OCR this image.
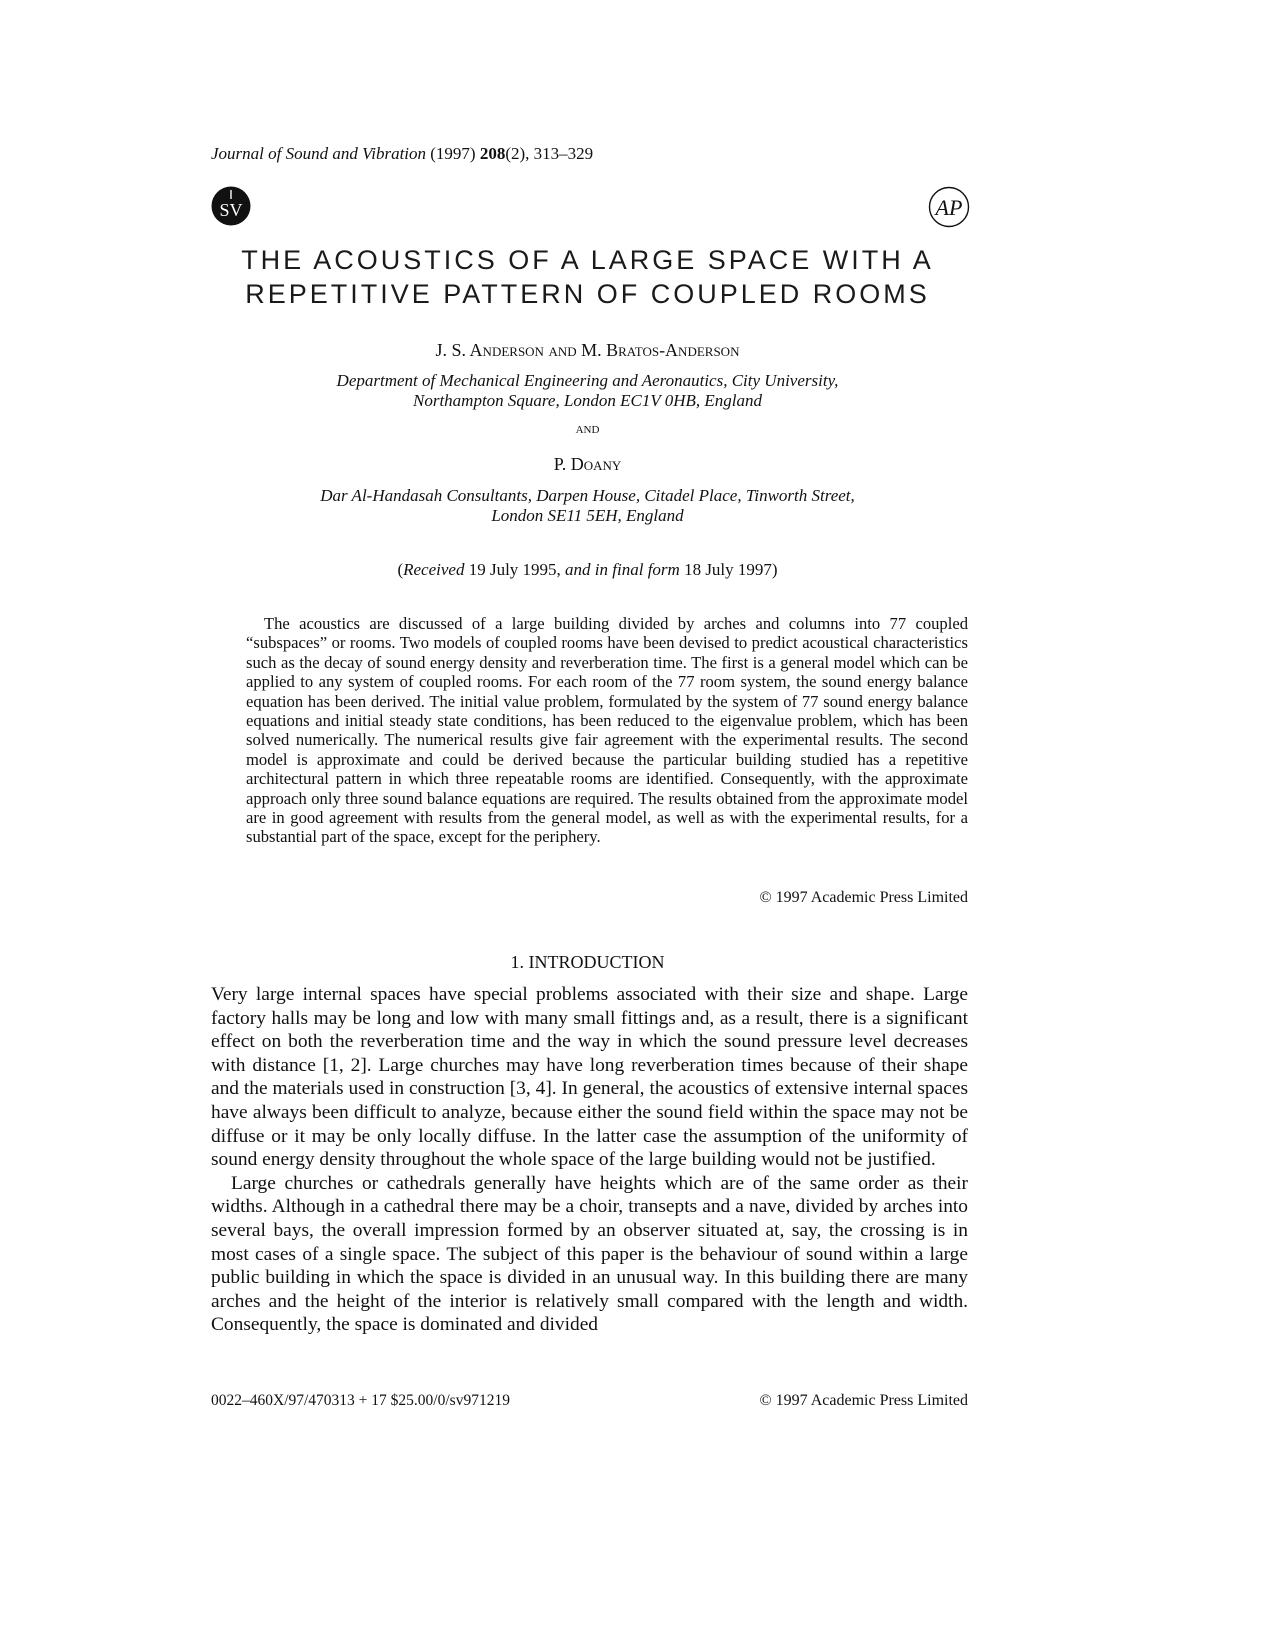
Journal of Sound and Vibration (1997) 208(2), 313–329
SV	AP
THE ACOUSTICS OF A LARGE SPACE WITH A
REPETITIVE PATTERN OF COUPLED ROOMS
J. S. Anderson and M. Bratos-Anderson
Department of Mechanical Engineering and Aeronautics, City University,
Northampton Square, London EC1V 0HB, England
and
P. Doany
Dar Al-Handasah Consultants, Darpen House, Citadel Place, Tinworth Street,
London SE11 5EH, England
(Received 19 July 1995, and in final form 18 July 1997)

The acoustics are discussed of a large building divided by arches and columns into 77 coupled “subspaces” or rooms. Two models of coupled rooms have been devised to predict acoustical characteristics such as the decay of sound energy density and reverberation time. The first is a general model which can be applied to any system of coupled rooms. For each room of the 77 room system, the sound energy balance equation has been derived. The initial value problem, formulated by the system of 77 sound energy balance equations and initial steady state conditions, has been reduced to the eigenvalue problem, which has been solved numerically. The numerical results give fair agreement with the experimental results. The second model is approximate and could be derived because the particular building studied has a repetitive architectural pattern in which three repeatable rooms are identified. Consequently, with the approximate approach only three sound balance equations are required. The results obtained from the approximate model are in good agreement with results from the general model, as well as with the experimental results, for a substantial part of the space, except for the periphery.

© 1997 Academic Press Limited
1. INTRODUCTION

Very large internal spaces have special problems associated with their size and shape. Large factory halls may be long and low with many small fittings and, as a result, there is a significant effect on both the reverberation time and the way in which the sound pressure level decreases with distance [1, 2]. Large churches may have long reverberation times because of their shape and the materials used in construction [3, 4]. In general, the acoustics of extensive internal spaces have always been difficult to analyze, because either the sound field within the space may not be diffuse or it may be only locally diffuse. In the latter case the assumption of the uniformity of sound energy density throughout the whole space of the large building would not be justified.

Large churches or cathedrals generally have heights which are of the same order as their widths. Although in a cathedral there may be a choir, transepts and a nave, divided by arches into several bays, the overall impression formed by an observer situated at, say, the crossing is in most cases of a single space. The subject of this paper is the behaviour of sound within a large public building in which the space is divided in an unusual way. In this building there are many arches and the height of the interior is relatively small compared with the length and width. Consequently, the space is dominated and divided

0022–460X/97/470313 + 17 $25.00/0/sv971219	© 1997 Academic Press Limited
